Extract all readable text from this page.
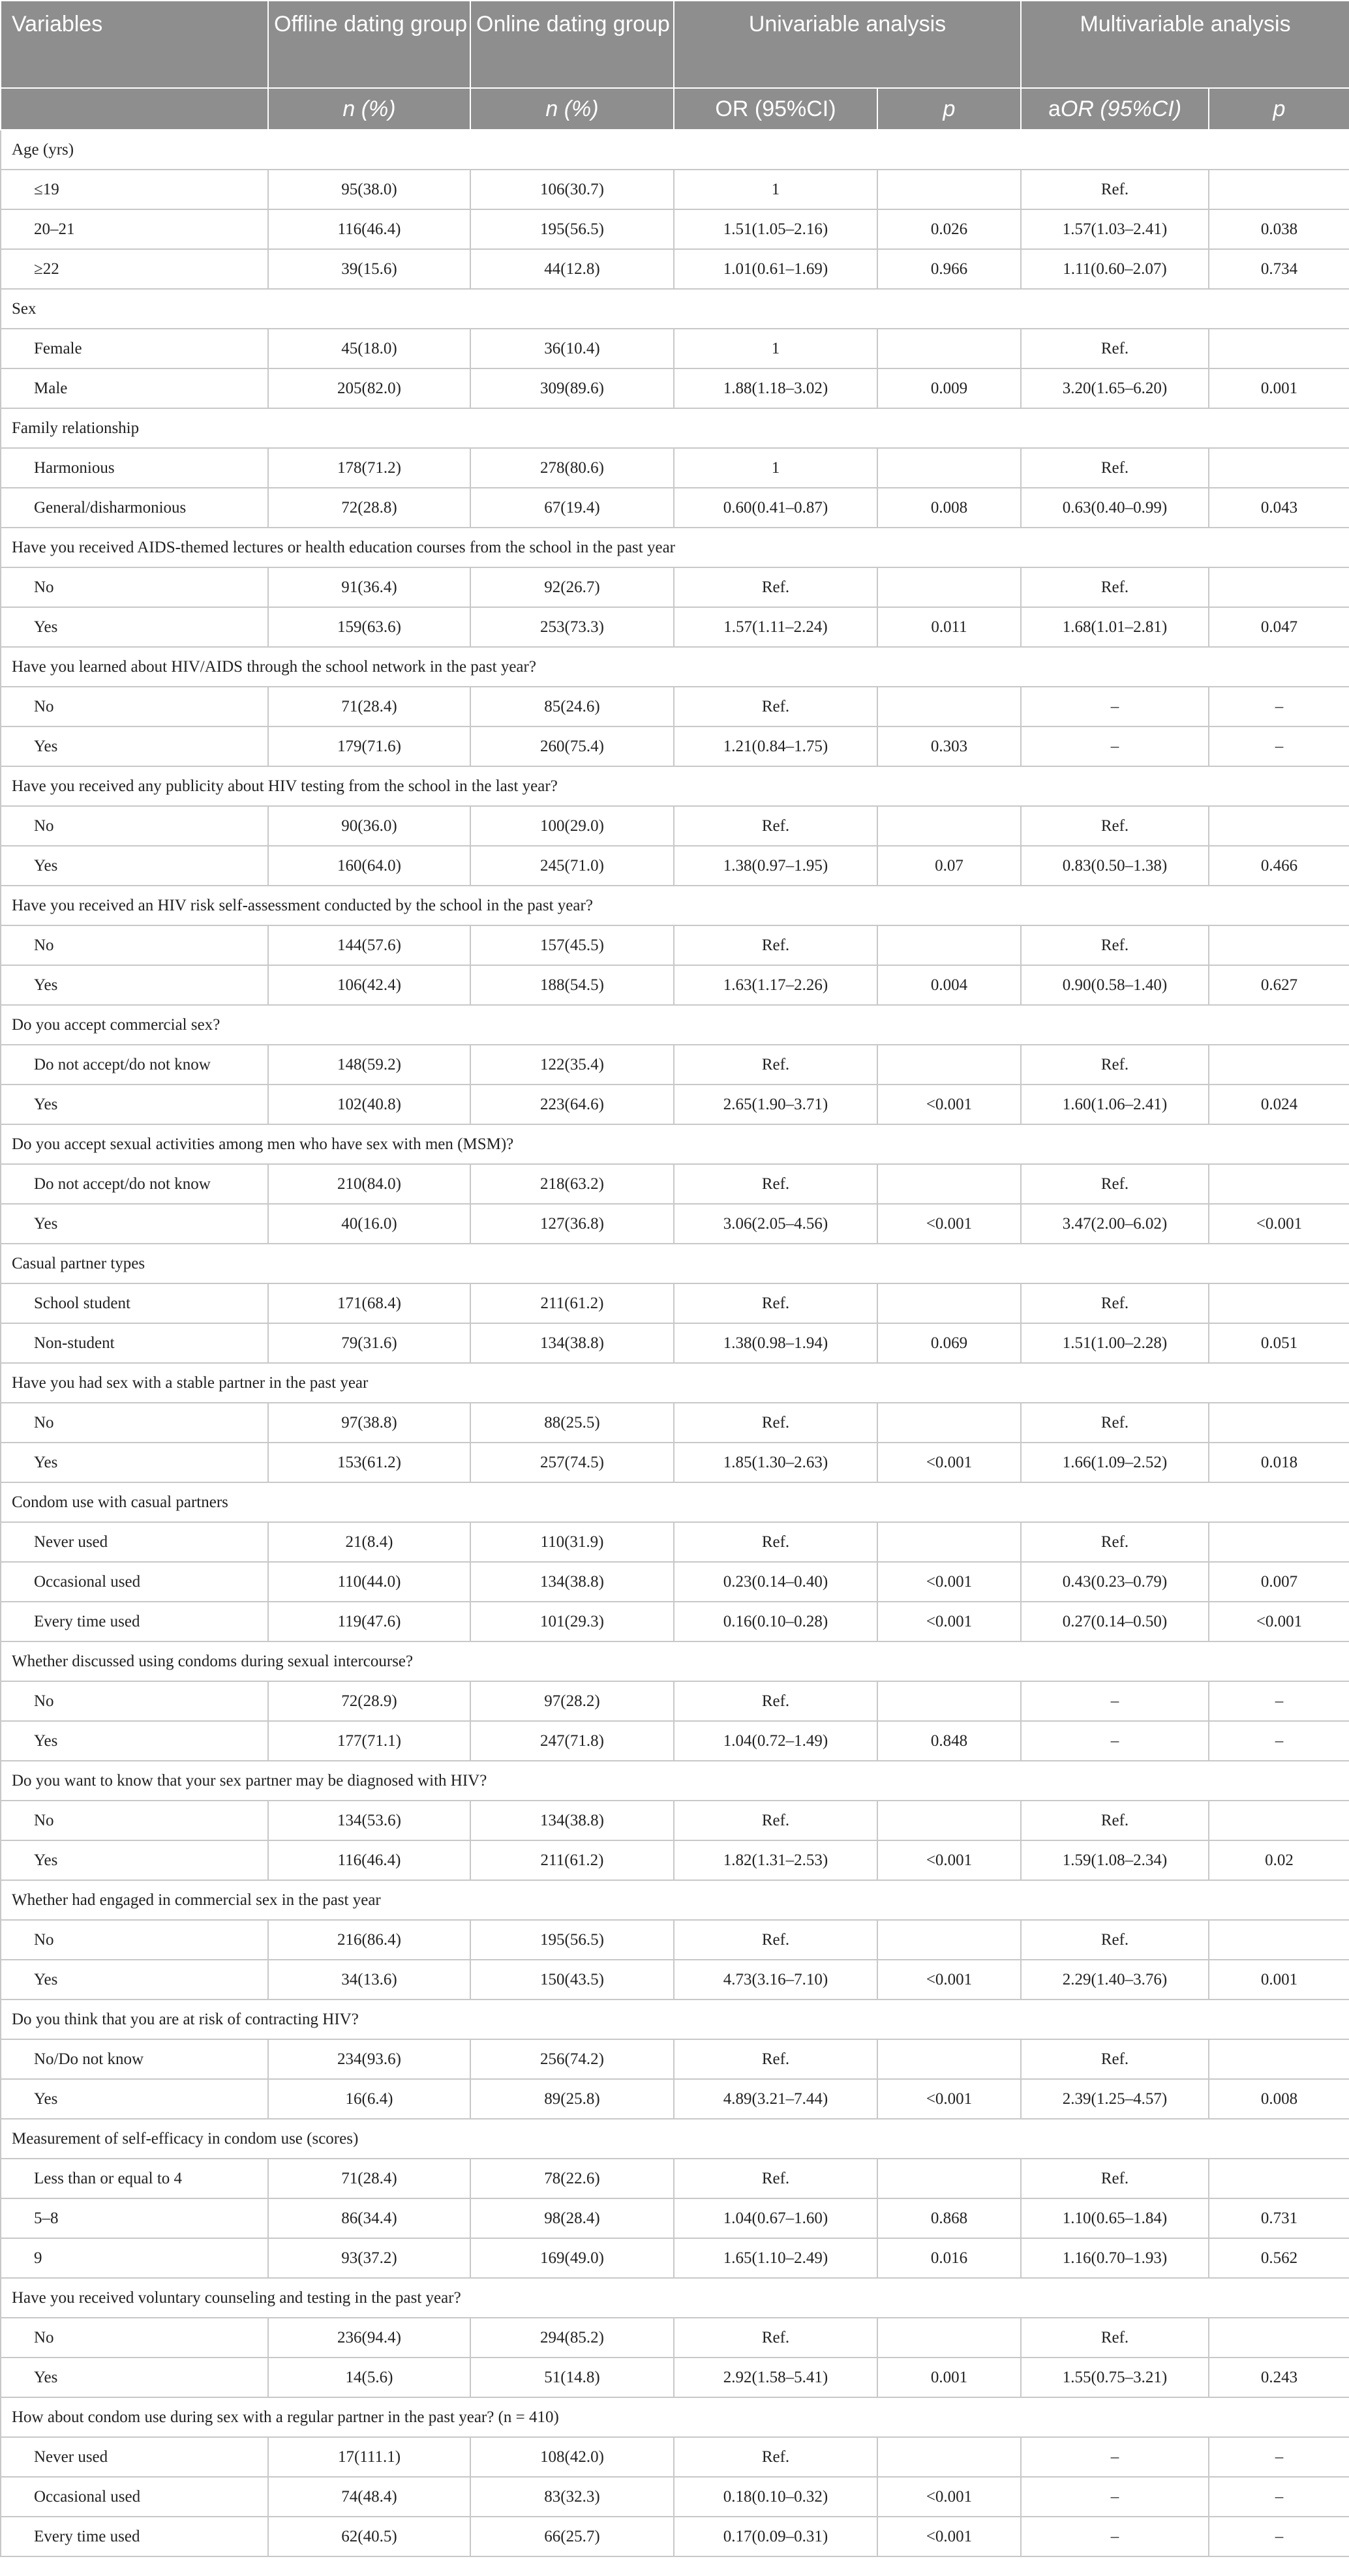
Variables	Offline dating group	Online dating group	Univariable analysis		Multivariable analysis	
	n (%)	n (%)	OR (95%CI)	p	aOR (95%CI)	p
Age (yrs)						
≤19	95(38.0)	106(30.7)	1		Ref.	
20–21	116(46.4)	195(56.5)	1.51(1.05–2.16)	0.026	1.57(1.03–2.41)	0.038
≥22	39(15.6)	44(12.8)	1.01(0.61–1.69)	0.966	1.11(0.60–2.07)	0.734
Sex						
Female	45(18.0)	36(10.4)	1		Ref.	
Male	205(82.0)	309(89.6)	1.88(1.18–3.02)	0.009	3.20(1.65–6.20)	0.001
Family relationship						
Harmonious	178(71.2)	278(80.6)	1		Ref.	
General/disharmonious	72(28.8)	67(19.4)	0.60(0.41–0.87)	0.008	0.63(0.40–0.99)	0.043
Have you received AIDS-themed lectures or health education courses from the school in the past year						
No	91(36.4)	92(26.7)	Ref.		Ref.	
Yes	159(63.6)	253(73.3)	1.57(1.11–2.24)	0.011	1.68(1.01–2.81)	0.047
Have you learned about HIV/AIDS through the school network in the past year?						
No	71(28.4)	85(24.6)	Ref.		–	–
Yes	179(71.6)	260(75.4)	1.21(0.84–1.75)	0.303	–	–
Have you received any publicity about HIV testing from the school in the last year?						
No	90(36.0)	100(29.0)	Ref.		Ref.	
Yes	160(64.0)	245(71.0)	1.38(0.97–1.95)	0.07	0.83(0.50–1.38)	0.466
Have you received an HIV risk self-assessment conducted by the school in the past year?						
No	144(57.6)	157(45.5)	Ref.		Ref.	
Yes	106(42.4)	188(54.5)	1.63(1.17–2.26)	0.004	0.90(0.58–1.40)	0.627
Do you accept commercial sex?						
Do not accept/do not know	148(59.2)	122(35.4)	Ref.		Ref.	
Yes	102(40.8)	223(64.6)	2.65(1.90–3.71)	<0.001	1.60(1.06–2.41)	0.024
Do you accept sexual activities among men who have sex with men (MSM)?						
Do not accept/do not know	210(84.0)	218(63.2)	Ref.		Ref.	
Yes	40(16.0)	127(36.8)	3.06(2.05–4.56)	<0.001	3.47(2.00–6.02)	<0.001
Casual partner types						
School student	171(68.4)	211(61.2)	Ref.		Ref.	
Non-student	79(31.6)	134(38.8)	1.38(0.98–1.94)	0.069	1.51(1.00–2.28)	0.051
Have you had sex with a stable partner in the past year						
No	97(38.8)	88(25.5)	Ref.		Ref.	
Yes	153(61.2)	257(74.5)	1.85(1.30–2.63)	<0.001	1.66(1.09–2.52)	0.018
Condom use with casual partners						
Never used	21(8.4)	110(31.9)	Ref.		Ref.	
Occasional used	110(44.0)	134(38.8)	0.23(0.14–0.40)	<0.001	0.43(0.23–0.79)	0.007
Every time used	119(47.6)	101(29.3)	0.16(0.10–0.28)	<0.001	0.27(0.14–0.50)	<0.001
Whether discussed using condoms during sexual intercourse?						
No	72(28.9)	97(28.2)	Ref.		–	–
Yes	177(71.1)	247(71.8)	1.04(0.72–1.49)	0.848	–	–
Do you want to know that your sex partner may be diagnosed with HIV?						
No	134(53.6)	134(38.8)	Ref.		Ref.	
Yes	116(46.4)	211(61.2)	1.82(1.31–2.53)	<0.001	1.59(1.08–2.34)	0.02
Whether had engaged in commercial sex in the past year						
No	216(86.4)	195(56.5)	Ref.		Ref.	
Yes	34(13.6)	150(43.5)	4.73(3.16–7.10)	<0.001	2.29(1.40–3.76)	0.001
Do you think that you are at risk of contracting HIV?						
No/Do not know	234(93.6)	256(74.2)	Ref.		Ref.	
Yes	16(6.4)	89(25.8)	4.89(3.21–7.44)	<0.001	2.39(1.25–4.57)	0.008
Measurement of self-efficacy in condom use (scores)						
Less than or equal to 4	71(28.4)	78(22.6)	Ref.		Ref.	
5–8	86(34.4)	98(28.4)	1.04(0.67–1.60)	0.868	1.10(0.65–1.84)	0.731
9	93(37.2)	169(49.0)	1.65(1.10–2.49)	0.016	1.16(0.70–1.93)	0.562
Have you received voluntary counseling and testing in the past year?						
No	236(94.4)	294(85.2)	Ref.		Ref.	
Yes	14(5.6)	51(14.8)	2.92(1.58–5.41)	0.001	1.55(0.75–3.21)	0.243
How about condom use during sex with a regular partner in the past year? (n = 410)						
Never used	17(111.1)	108(42.0)	Ref.		–	–
Occasional used	74(48.4)	83(32.3)	0.18(0.10–0.32)	<0.001	–	–
Every time used	62(40.5)	66(25.7)	0.17(0.09–0.31)	<0.001	–	–
